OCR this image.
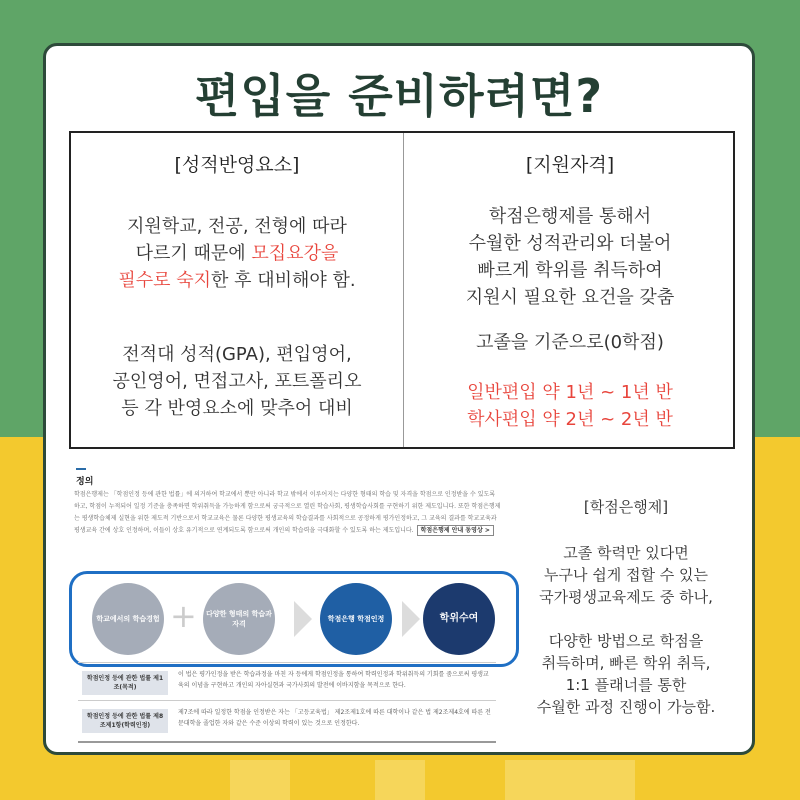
편입을 준비하려면?
[성적반영요소]
지원학교, 전공, 전형에 따라
다르기 때문에 모집요강을
필수로 숙지한 후 대비해야 함.
전적대 성적(GPA), 편입영어,
공인영어, 면접고사, 포트폴리오
등 각 반영요소에 맞추어 대비
[지원자격]
학점은행제를 통해서
수월한 성적관리와 더불어
빠르게 학위를 취득하여
지원시 필요한 요건을 갖춤
고졸을 기준으로(0학점)
일반편입 약 1년 ~ 1년 반
학사편입 약 2년 ~ 2년 반
정의
학점은행제는 「학점인정 등에 관한 법률」에 의거하여 학교에서 뿐만 아니라 학교 밖에서 이루어지는 다양한 형태의 학습 및 자격을 학점으로 인정받을 수 있도록 하고, 학점이 누적되어 일정 기준을 충족하면 학위취득을 가능하게 함으로써 궁극적으로 열린 학습사회, 평생학습사회를 구현하기 위한 제도입니다. 또한 학점은행제는 평생학습체제 실현을 위한 제도적 기반으로서 학교교육은 물론 다양한 평생교육의 학습결과를 사회적으로 공정하게 평가인정하고, 그 교육의 결과를 학교교육과 평생교육 간에 상호 인정하며, 이들이 상호 유기적으로 연계되도록 함으로써 개인의 학습력을 극대화할 수 있도록 하는 제도입니다. 학점은행제 안내 동영상 >
학교에서의 학습경험 +	다양한 형태의 학습과 자격
학점은행 학점인정	학위수여
학점인정 등에 관한 법률 제1조(목적)
이 법은 평가인정을 받은 학습과정을 마친 자 등에게 학점인정을 통하여 학력인정과 학위취득의 기회를 줌으로써 평생교육의 이념을 구현하고 개인의 자아실현과 국가사회의 발전에 이바지함을 목적으로 한다.
학점인정 등에 관한 법률 제8조제1항(학력인정)
제7조에 따라 일정한 학점을 인정받은 자는 「고등교육법」 제2조제1호에 따른 대학이나 같은 법 제2조제4호에 따른 전문대학을 졸업한 자와 같은 수준 이상의 학력이 있는 것으로 인정한다.
[학점은행제]
고졸 학력만 있다면
누구나 쉽게 접할 수 있는
국가평생교육제도 중 하나,
다양한 방법으로 학점을
취득하며, 빠른 학위 취득,
1:1 플래너를 통한
수월한 과정 진행이 가능함.
